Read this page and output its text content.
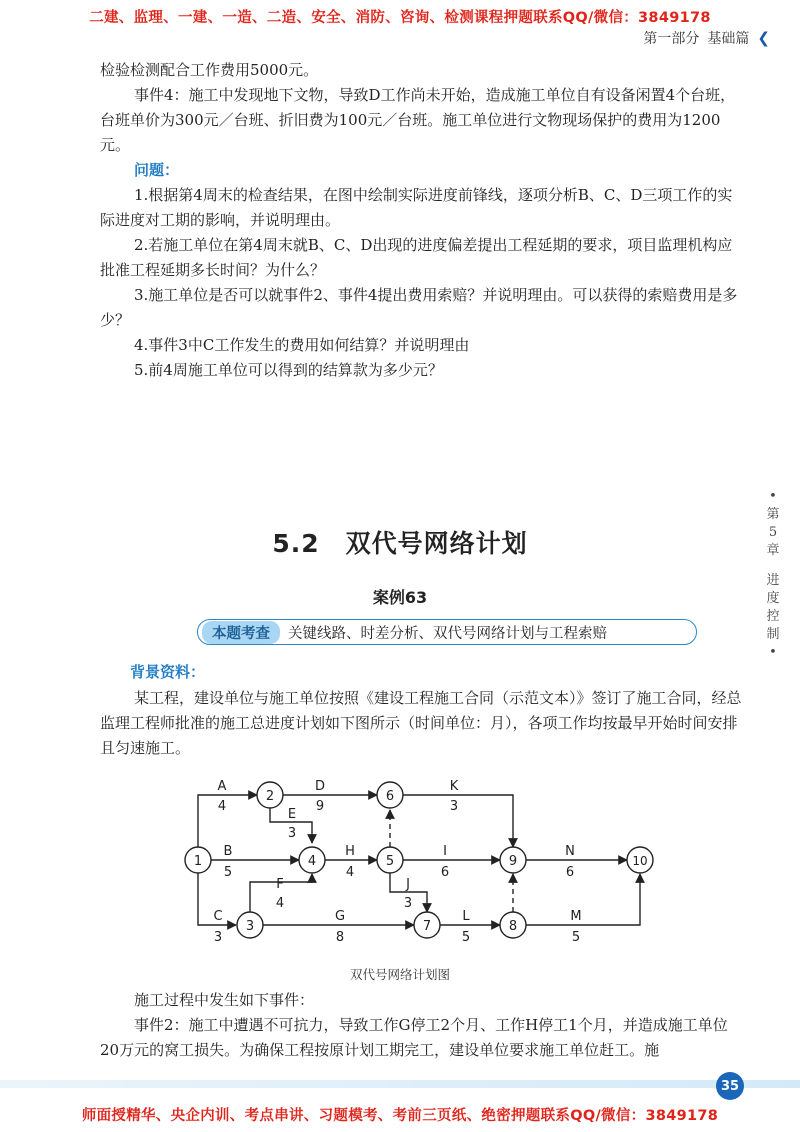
二建、监理、一建、一造、二造、安全、消防、咨询、检测课程押题联系QQ/微信：3849178
第一部分 基础篇 ❮

检验检测配合工作费用5000元。

事件4：施工中发现地下文物，导致D工作尚未开始，造成施工单位自有设备闲置4个台班，台班单价为300元／台班、折旧费为100元／台班。施工单位进行文物现场保护的费用为1200元。

问题：

1.根据第4周末的检查结果，在图中绘制实际进度前锋线，逐项分析B、C、D三项工作的实际进度对工期的影响，并说明理由。

2.若施工单位在第4周末就B、C、D出现的进度偏差提出工程延期的要求，项目监理机构应批准工程延期多长时间？为什么？

3.施工单位是否可以就事件2、事件4提出费用索赔？并说明理由。可以获得的索赔费用是多少？

4.事件3中C工作发生的费用如何结算？并说明理由

5.前4周施工单位可以得到的结算款为多少元？

•
第
5
章
进
度
控
制
•
5.2　双代号网络计划
案例63
本题考查	关键线路、时差分析、双代号网络计划与工程索赔
背景资料：

某工程，建设单位与施工单位按照《建设工程施工合同（示范文本）》签订了施工合同，经总监理工程师批准的施工总进度计划如下图所示（时间单位：月），各项工作均按最早开始时间安排且匀速施工。

1
2
3
4	5
6
7	8
9	10
A
4
B
5
C
3
D
9
E
3
F
4
G
8
H
4
I
6
J
3
K
3
L
5
M
5
N
6
双代号网络计划图

施工过程中发生如下事件：

事件2：施工中遭遇不可抗力，导致工作G停工2个月、工作H停工1个月，并造成施工单位20万元的窝工损失。为确保工程按原计划工期完工，建设单位要求施工单位赶工。施

35
师面授精华、央企内训、考点串讲、习题模考、考前三页纸、绝密押题联系QQ/微信：3849178
